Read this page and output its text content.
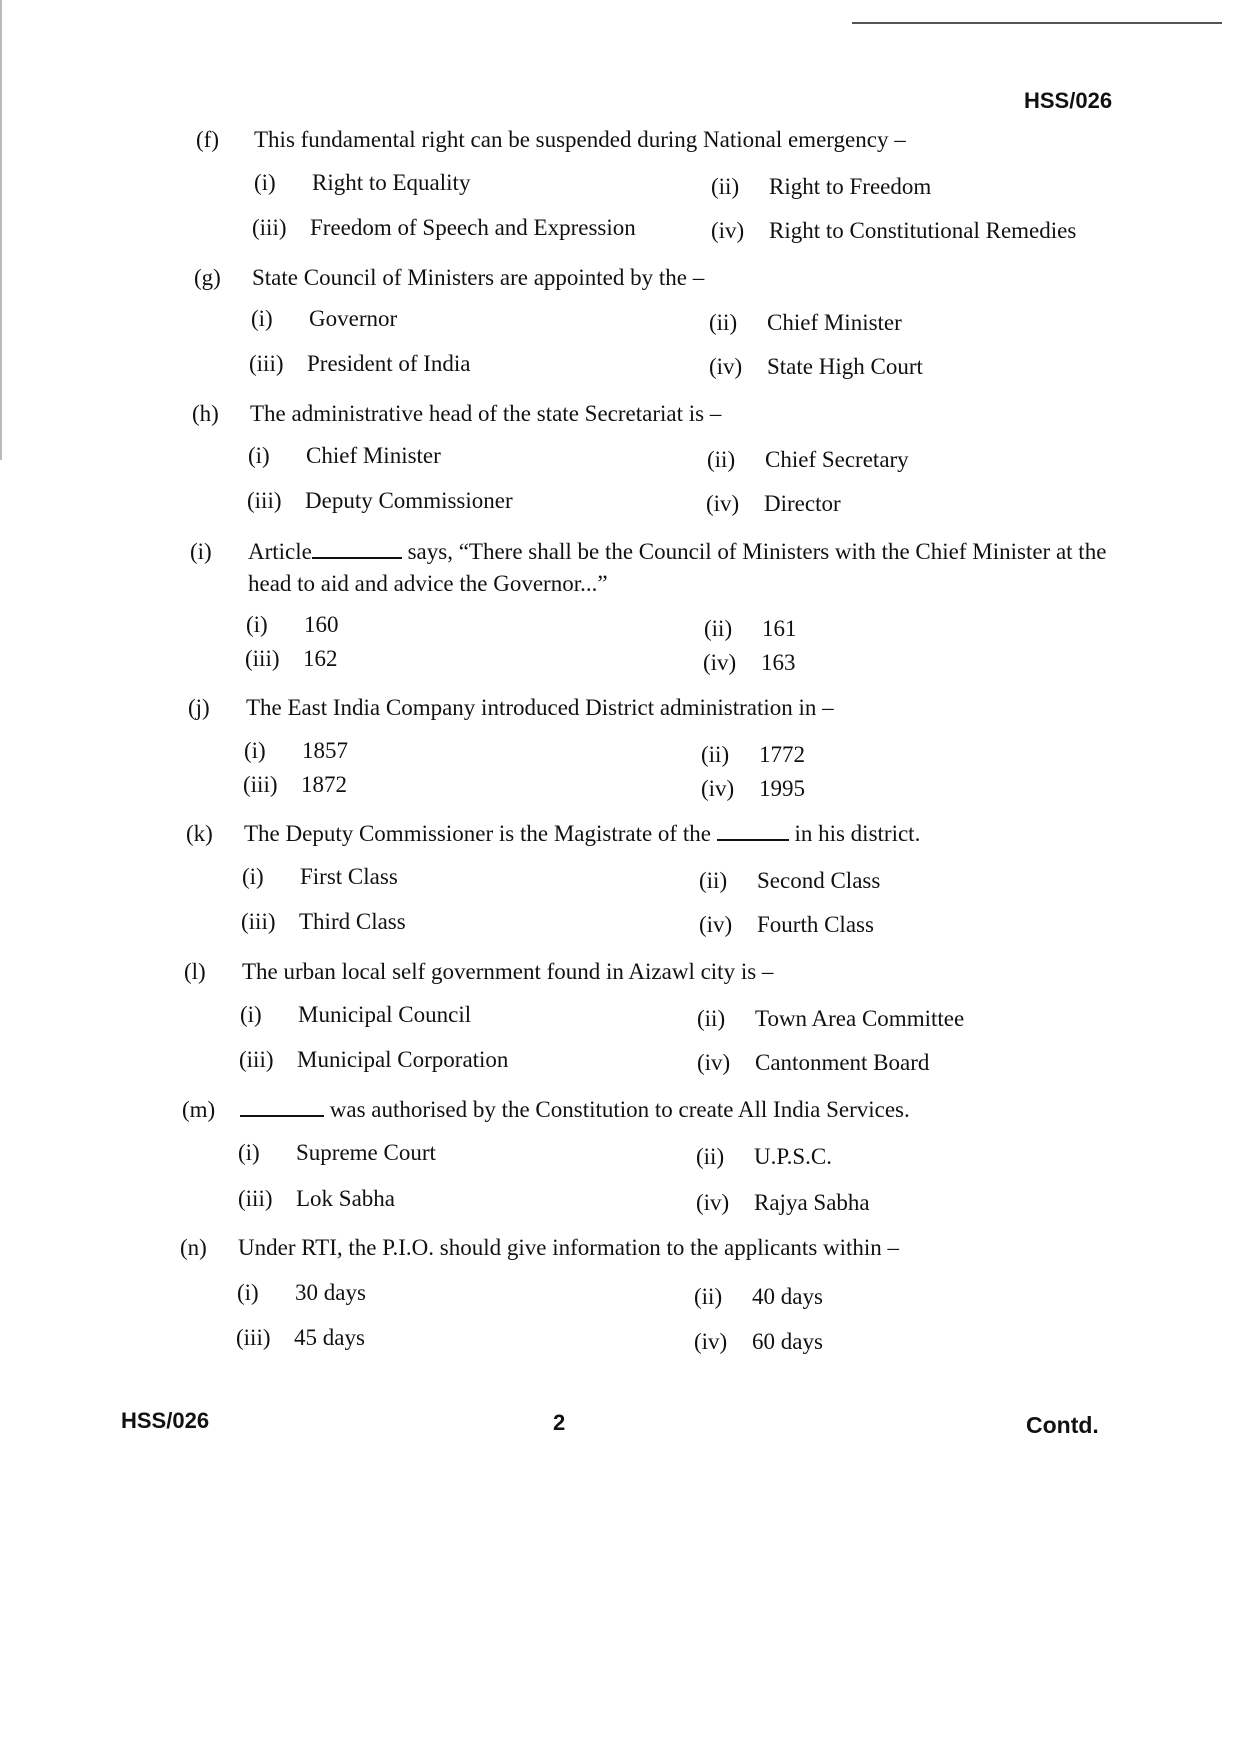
HSS/026
(f)	This fundamental right can be suspended during National emergency –
(i) Right to Equality	(ii) Right to Freedom
(iii) Freedom of Speech and Expression	(iv) Right to Constitutional Remedies
(g)	State Council of Ministers are appointed by the –
(i) Governor	(ii) Chief Minister
(iii) President of India	(iv) State High Court
(h)	The administrative head of the state Secretariat is –
(i) Chief Minister	(ii) Chief Secretary
(iii) Deputy Commissioner	(iv) Director
(i)	Article	says, “There shall be the Council of Ministers with the Chief Minister at the head to aid and advice the Governor...”
(i) 160	(ii) 161
(iii) 162	(iv) 163
(j)	The East India Company introduced District administration in –
(i) 1857	(ii) 1772
(iii) 1872	(iv) 1995
(k)	The Deputy Commissioner is the Magistrate of the	in his district.
(i) First Class	(ii) Second Class
(iii) Third Class	(iv) Fourth Class
(l)	The urban local self government found in Aizawl city is –
(i) Municipal Council	(ii) Town Area Committee
(iii) Municipal Corporation	(iv) Cantonment Board
(m)	was authorised by the Constitution to create All India Services.
(i) Supreme Court	(ii) U.P.S.C.
(iii) Lok Sabha	(iv) Rajya Sabha
(n)	Under RTI, the P.I.O. should give information to the applicants within –
(i) 30 days	(ii) 40 days
(iii) 45 days	(iv) 60 days
HSS/026	2	Contd.
